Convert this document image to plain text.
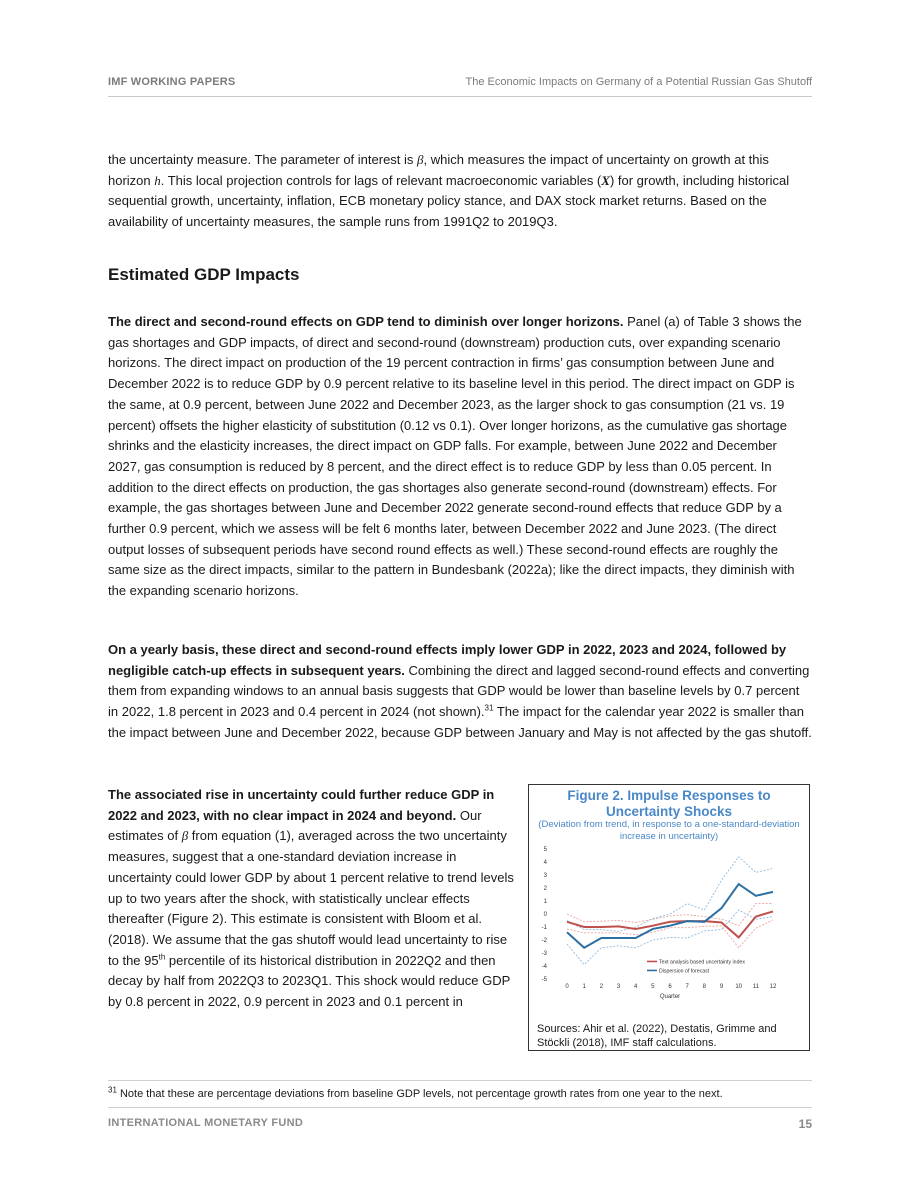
IMF WORKING PAPERS	The Economic Impacts on Germany of a Potential Russian Gas Shutoff

the uncertainty measure. The parameter of interest is β, which measures the impact of uncertainty on growth at this horizon h. This local projection controls for lags of relevant macroeconomic variables (X) for growth, including historical sequential growth, uncertainty, inflation, ECB monetary policy stance, and DAX stock market returns. Based on the availability of uncertainty measures, the sample runs from 1991Q2 to 2019Q3.

Estimated GDP Impacts

The direct and second-round effects on GDP tend to diminish over longer horizons. Panel (a) of Table 3 shows the gas shortages and GDP impacts, of direct and second-round (downstream) production cuts, over expanding scenario horizons. The direct impact on production of the 19 percent contraction in firms’ gas consumption between June and December 2022 is to reduce GDP by 0.9 percent relative to its baseline level in this period. The direct impact on GDP is the same, at 0.9 percent, between June 2022 and December 2023, as the larger shock to gas consumption (21 vs. 19 percent) offsets the higher elasticity of substitution (0.12 vs 0.1). Over longer horizons, as the cumulative gas shortage shrinks and the elasticity increases, the direct impact on GDP falls. For example, between June 2022 and December 2027, gas consumption is reduced by 8 percent, and the direct effect is to reduce GDP by less than 0.05 percent. In addition to the direct effects on production, the gas shortages also generate second-round (downstream) effects. For example, the gas shortages between June and December 2022 generate second-round effects that reduce GDP by a further 0.9 percent, which we assess will be felt 6 months later, between December 2022 and June 2023. (The direct output losses of subsequent periods have second round effects as well.) These second-round effects are roughly the same size as the direct impacts, similar to the pattern in Bundesbank (2022a); like the direct impacts, they diminish with the expanding scenario horizons.

On a yearly basis, these direct and second-round effects imply lower GDP in 2022, 2023 and 2024, followed by negligible catch-up effects in subsequent years. Combining the direct and lagged second-round effects and converting them from expanding windows to an annual basis suggests that GDP would be lower than baseline levels by 0.7 percent in 2022, 1.8 percent in 2023 and 0.4 percent in 2024 (not shown).$^{31}$ The impact for the calendar year 2022 is smaller than the impact between June and December 2022, because GDP between January and May is not affected by the gas shutoff.

The associated rise in uncertainty could further reduce GDP in 2022 and 2023, with no clear impact in 2024 and beyond. Our estimates of β from equation (1), averaged across the two uncertainty measures, suggest that a one-standard deviation increase in uncertainty could lower GDP by about 1 percent relative to trend levels up to two years after the shock, with statistically unclear effects thereafter (Figure 2). This estimate is consistent with Bloom et al. (2018). We assume that the gas shutoff would lead uncertainty to rise to the 95th percentile of its historical distribution in 2022Q2 and then decay by half from 2022Q3 to 2023Q1. This shock would reduce GDP by 0.8 percent in 2022, 0.9 percent in 2023 and 0.1 percent in

Figure 2. Impulse Responses to Uncertainty Shocks
(Deviation from trend, in response to a one-standard-deviation increase in uncertainty)
-5
-4
-3
-2
-1
0
1
2
3
4
5
0 1 2 3 4 5 6 7 8 9 10 11 12
Quarter
Text analysis based uncertainty index
Dispersion of forecast
Sources: Ahir et al. (2022), Destatis, Grimme and Stöckli (2018), IMF staff calculations.
$^{31}$ Note that these are percentage deviations from baseline GDP levels, not percentage growth rates from one year to the next.
INTERNATIONAL MONETARY FUND	15
